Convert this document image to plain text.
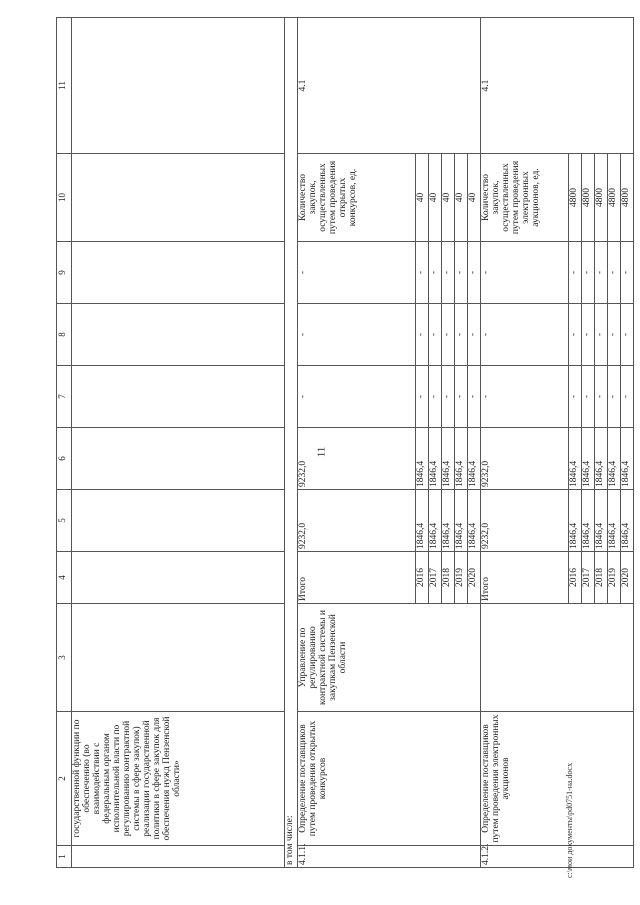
11
1	2	3	4	5	6	7	8	9	10	11
	государственной функции по обеспечению (во взаимодействии с федеральным органом исполнительной власти по регулированию контрактной системы в сфере закупок) реализации государственной политики в сфере закупок для обеспечения нужд Пензенской области»									
в том числе:										
4.1.1.	Определение поставщиков путем проведения открытых конкурсов	Управление по регулированию контрактной системы и закупкам Пензенской области	Итого	9232,0	9232,0	-	-	-	Количество закупок, осуществленных путем проведения открытых конкурсов, ед.	4.1
			2016	1846,4	1846,4	-	-	-	40	
			2017	1846,4	1846,4	-	-	-	40	
			2018	1846,4	1846,4	-	-	-	40	
			2019	1846,4	1846,4	-	-	-	40	
			2020	1846,4	1846,4	-	-	-	40	
4.1.2.	Определение поставщиков путем проведения электронных аукционов		Итого	9232,0	9232,0	-	-	-	Количество закупок, осуществленных путем проведения электронных аукционов, ед.	4.1
			2016	1846,4	1846,4	-	-	-	4800	
			2017	1846,4	1846,4	-	-	-	4800	
			2018	1846,4	1846,4	-	-	-	4800	
			2019	1846,4	1846,4	-	-	-	4800	
			2020	1846,4	1846,4	-	-	-	4800	
c:\мои документы\pd0751-на.docx
